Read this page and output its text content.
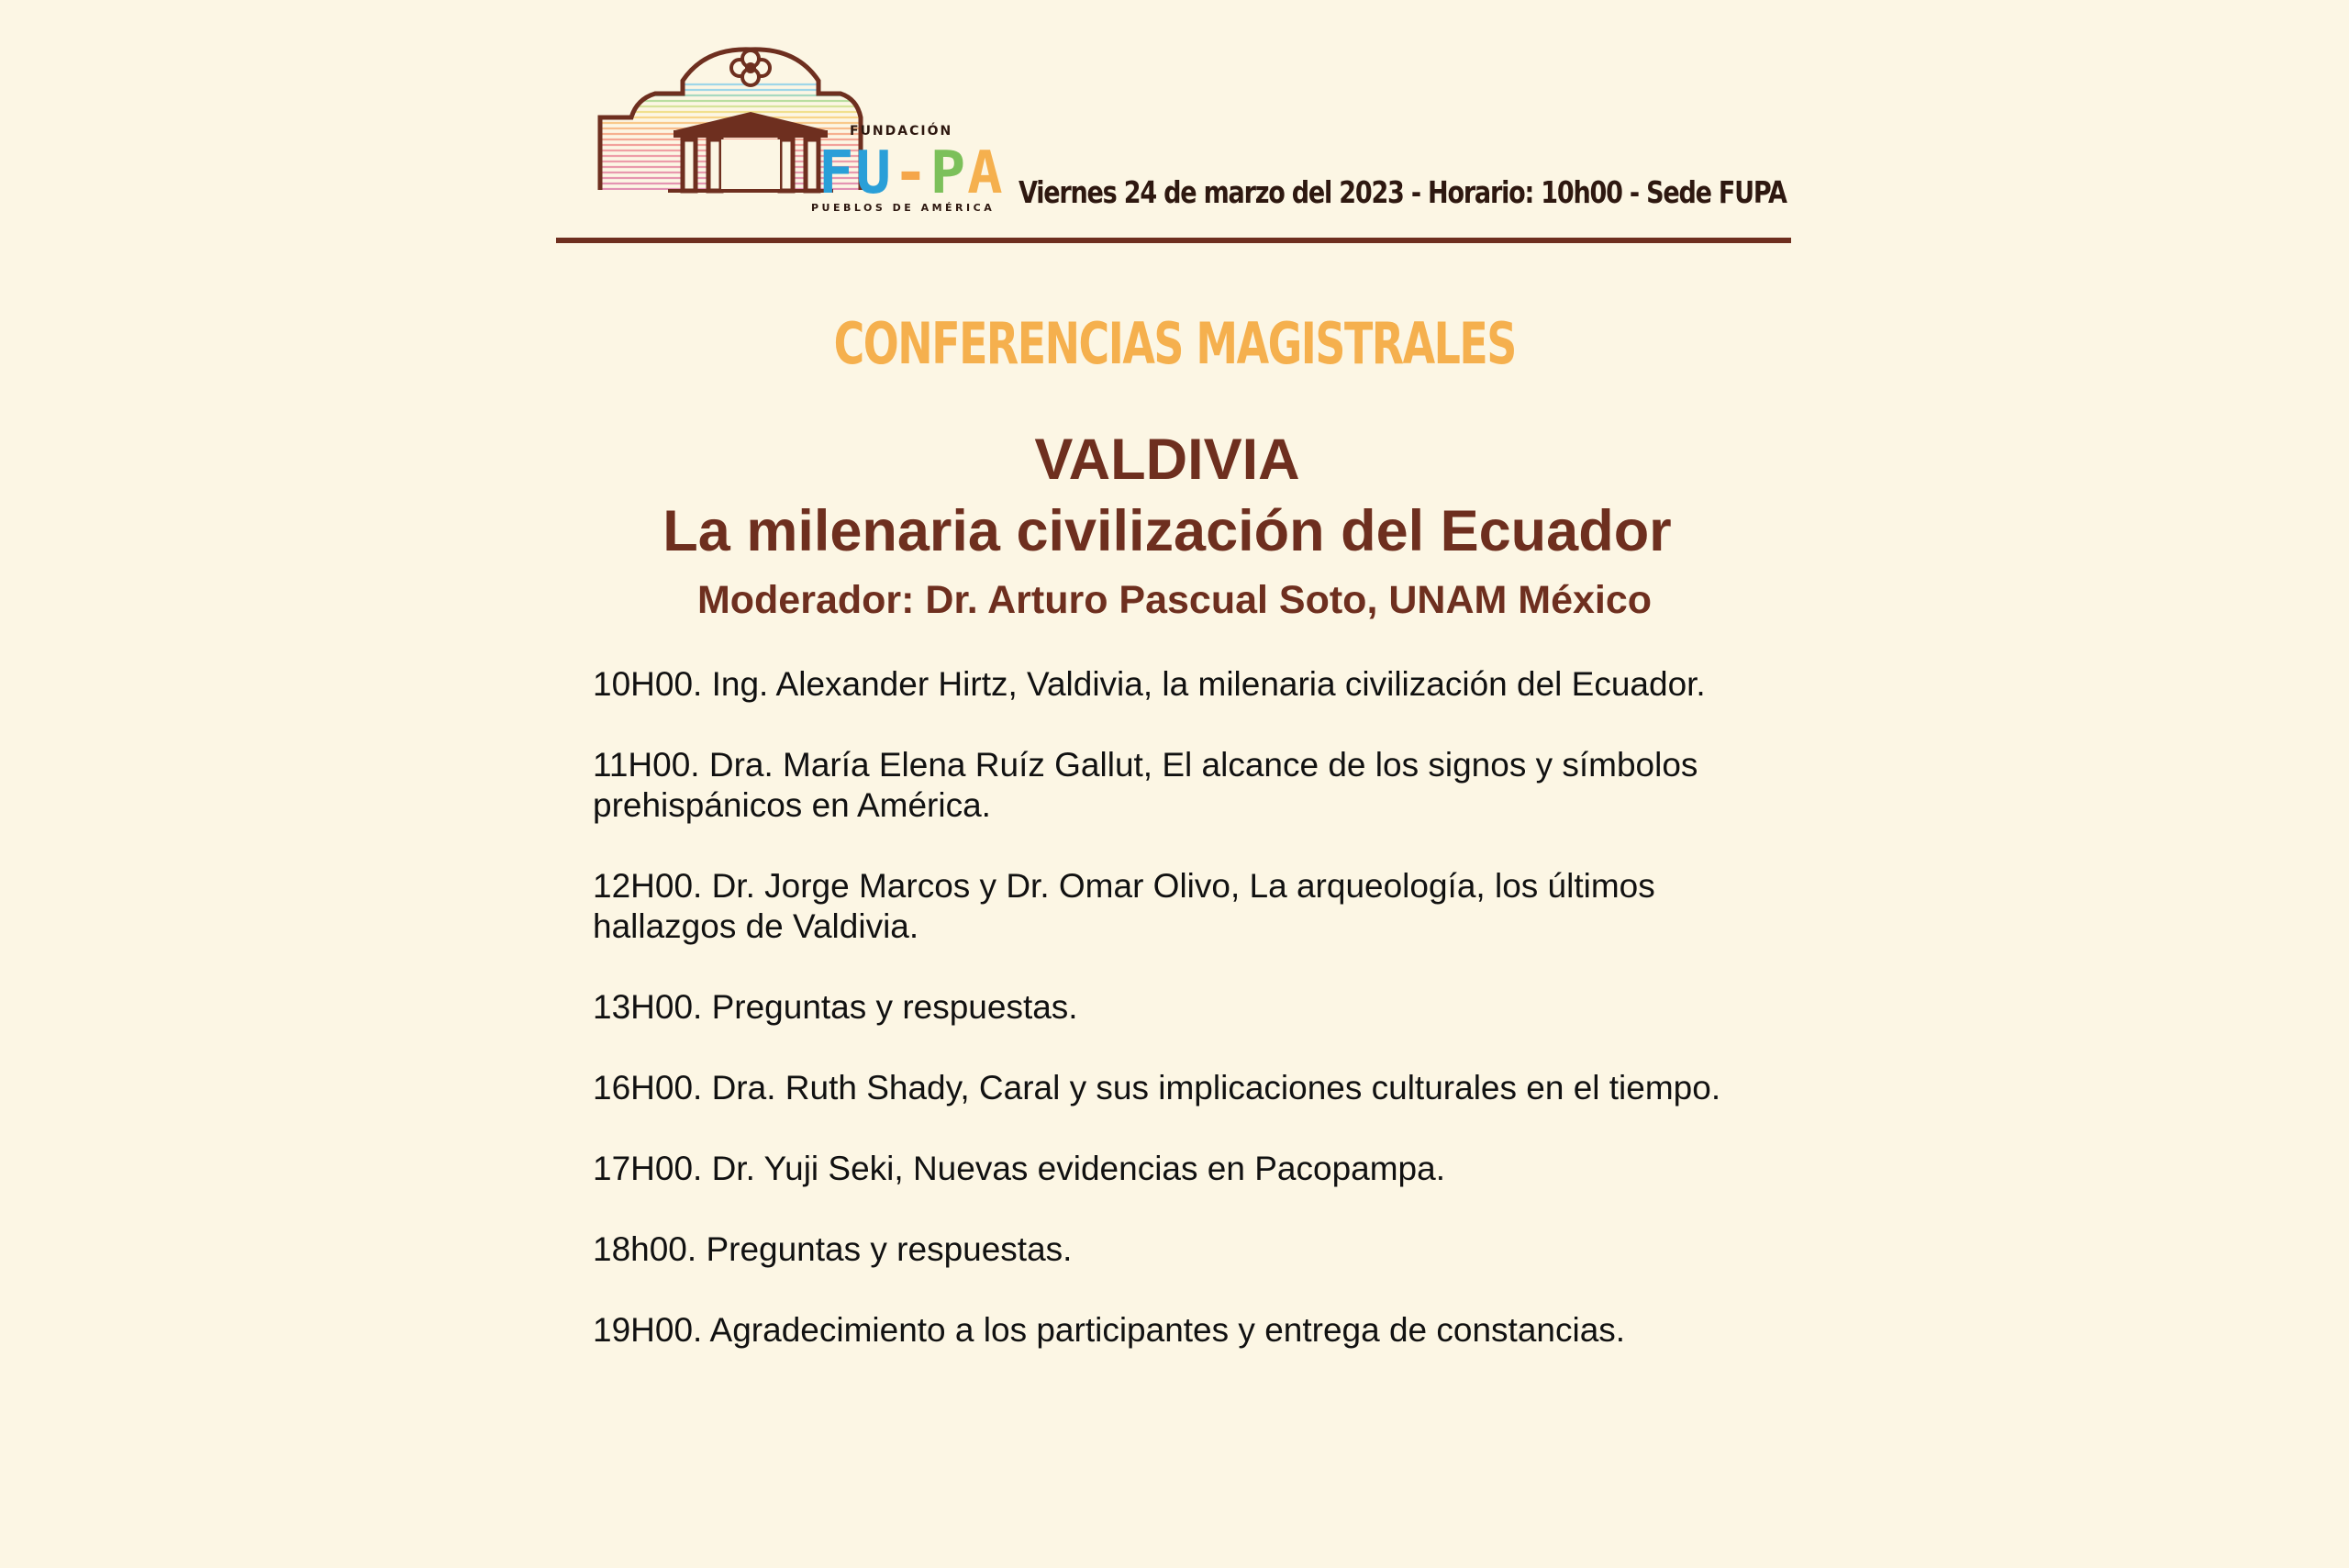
FUNDACIÓN
FU-PA
FU-PA
PUEBLOS DE AMÉRICA Viernes 24 de marzo del 2023 - Horario: 10h00 - Sede FUPA
CONFERENCIAS MAGISTRALES
VALDIVIA
La milenaria civilización del Ecuador
Moderador: Dr. Arturo Pascual Soto, UNAM México
10H00. Ing. Alexander Hirtz, Valdivia, la milenaria civilización del Ecuador.
11H00. Dra. María Elena Ruíz Gallut, El alcance de los signos y símbolos prehispánicos en América.
12H00. Dr. Jorge Marcos y Dr. Omar Olivo, La arqueología, los últimos hallazgos de Valdivia.
13H00. Preguntas y respuestas.
16H00. Dra. Ruth Shady, Caral y sus implicaciones culturales en el tiempo.
17H00. Dr. Yuji Seki, Nuevas evidencias en Pacopampa.
18h00. Preguntas y respuestas.
19H00. Agradecimiento a los participantes y entrega de constancias.
